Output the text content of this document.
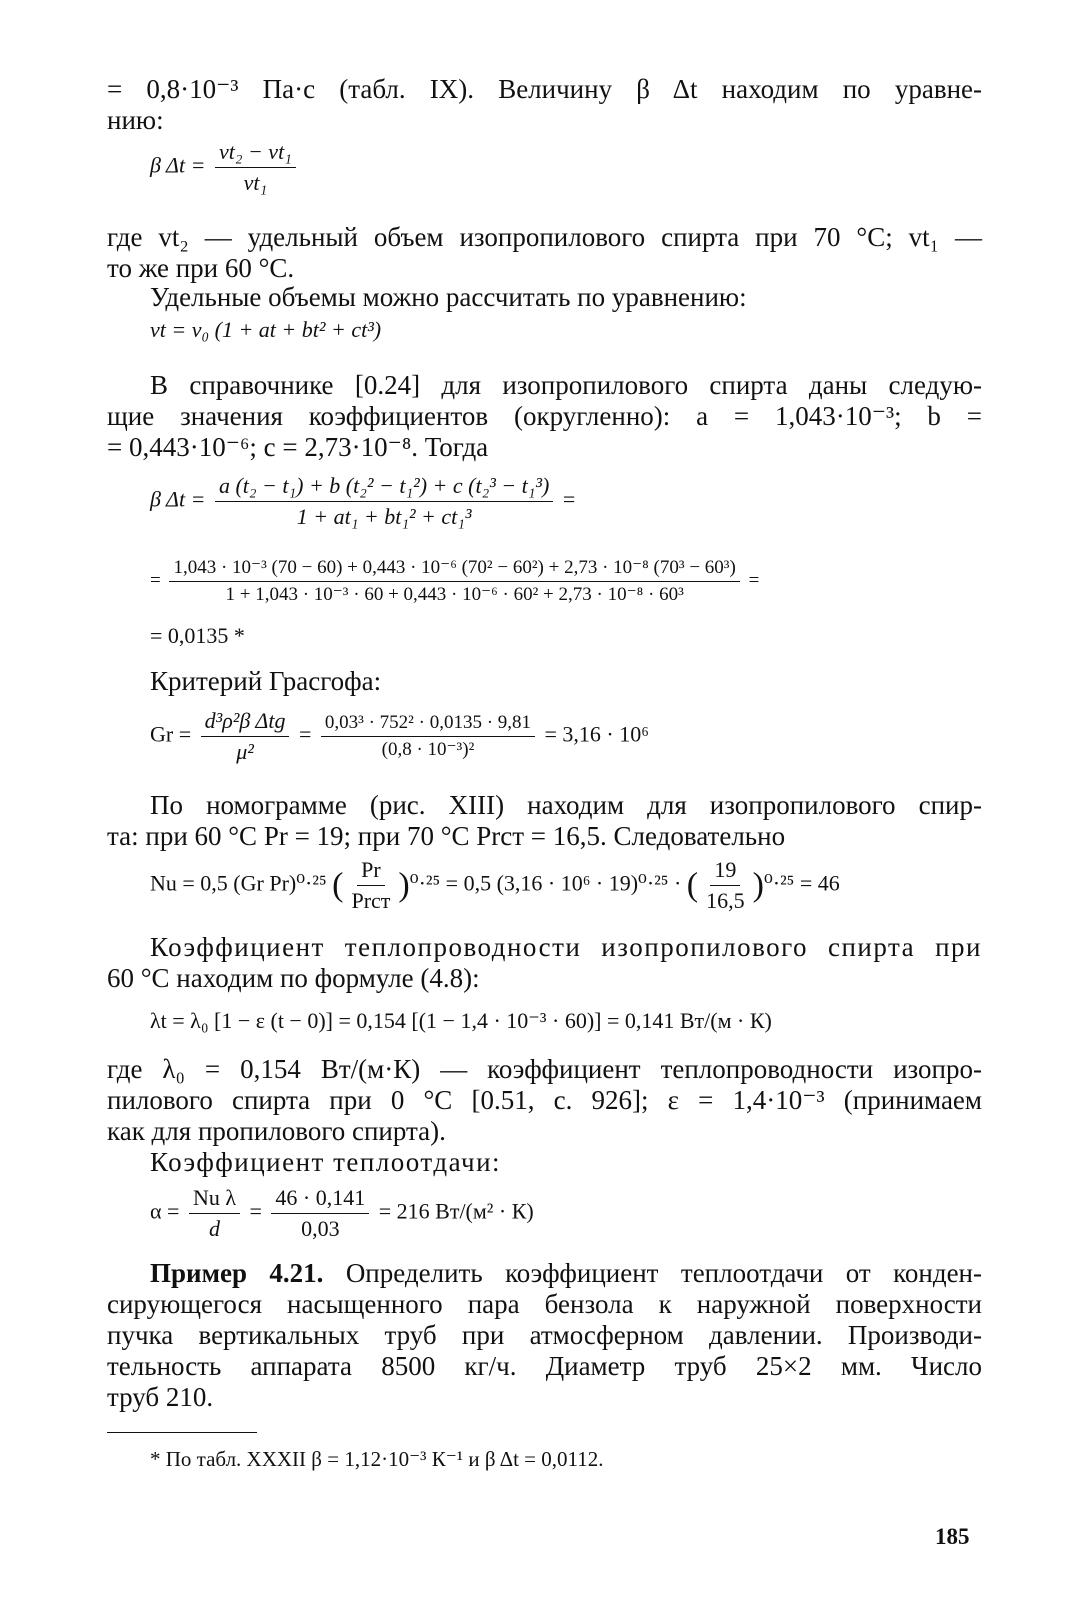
= 0,8·10⁻³ Па·с (табл. IX). Величину β Δt находим по уравне-

нию:

β $\Delta t = \frac{\text{vt₂ − vt₁}}{\text{vt₁}}$

где vt₂ — удельный объем изопропилового спирта при 70 °С; vt₁ —

то же при 60 °С.

Удельные объемы можно рассчитать по уравнению:

vt = v₀ (1 + at + bt² + ct³)

В справочнике [0.24] для изопропилового спирта даны следую-

щие значения коэффициентов (округленно): a = 1,043·10⁻³; b =

= 0,443·10⁻⁶; c = 2,73·10⁻⁸. Тогда

β $\Delta t = \frac{\text{a (t₂ − t₁) + b (t₂² − t₁²) + c (t₂³ − t₁³)}}{\text{1 + at₁ + bt₁² + ct₁³}}$ =
=
1,043 · 10⁻³ (70 − 60) + 0,443 · 10⁻⁶ (70² − 60²) + 2,73 · 10⁻⁸ (70³ − 60³)
1 + 1,043 · 10⁻³ · 60 + 0,443 · 10⁻⁶ · 60² + 2,73 · 10⁻⁸ · 60³
=
= 0,0135 *

Критерий Грасгофа:

$Gr = \frac{\text{d³ρ²β Δtg}}{\text{μ²}} = \frac{\text{0,03³ · 752² · 0,0135 · 9,81}}{\text{(0,8 · 10⁻³)²}} = 3,16 \cdot 10^6$

По номограмме (рис. XIII) находим для изопропилового спир-

та: при 60 °С Pr = 19; при 70 °С Prст = 16,5. Следовательно

Nu = 0,5 (Gr Pr)⁰·²⁵ ( $\frac{Pr}{\text{Prст}} )^0\cdot^{25} = 0,5$ (3,16 · 10⁶ · 19)⁰·²⁵ · ( $\frac{19}{16,5} )^0\cdot^{25} = 46$

Коэффициент теплопроводности изопропилового спирта при

60 °С находим по формуле (4.8):

λt = λ₀ [1 − ε (t − 0)] = 0,154 [(1 − 1,4 · 10⁻³ · 60)] = 0,141 Вт/(м · К)

где λ₀ = 0,154 Вт/(м·К) — коэффициент теплопроводности изопро-

пилового спирта при 0 °С [0.51, с. 926]; ε = 1,4·10⁻³ (принимаем

как для пропилового спирта).

Коэффициент теплоотдачи:

$\alpha = \frac{\text{Nu λ}}{d} = \frac{46 \cdot 0,141}{0,03} = 216$ Вт/(м² · К)

Пример 4.21. Определить коэффициент теплоотдачи от конден-

сирующегося насыщенного пара бензола к наружной поверхности

пучка вертикальных труб при атмосферном давлении. Производи-

тельность аппарата 8500 кг/ч. Диаметр труб 25×2 мм. Число

труб 210.

* По табл. XXXII β = 1,12·10⁻³ К⁻¹ и β Δt = 0,0112.
185
